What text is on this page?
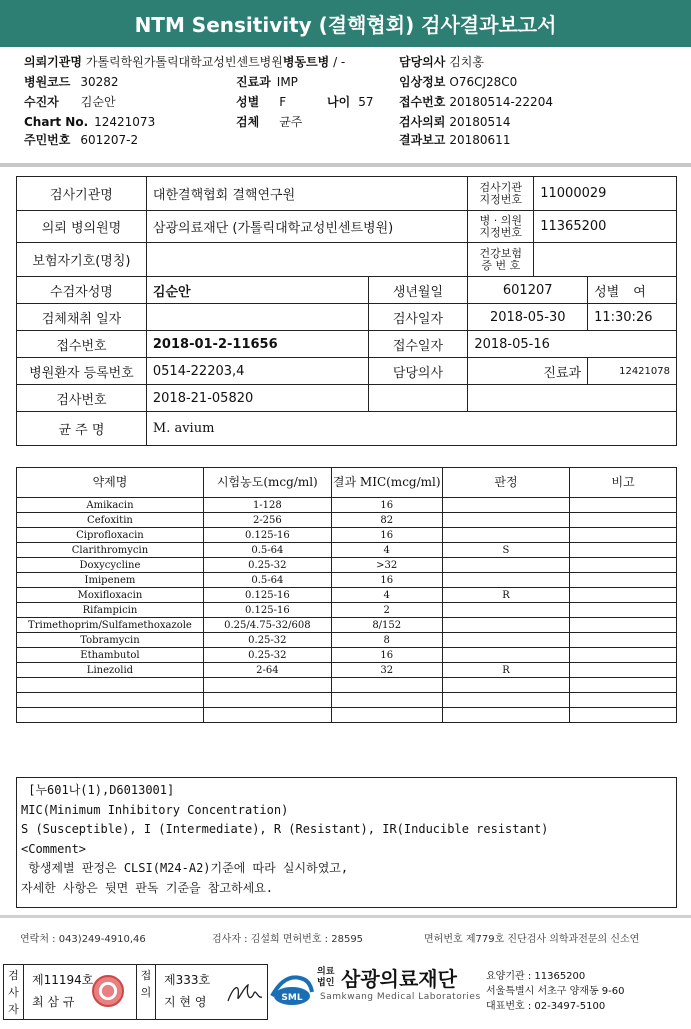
NTM Sensitivity (결핵협회) 검사결과보고서
의뢰기관명 가톨릭학원가톨릭대학교성빈센트병원병동트병 / -	담당의사 김치홍
병원코드 30282	진료과 IMP	임상정보 O76CJ28C0
수진자 김순안	성별 F	나이 57 접수번호 20180514-22204
Chart No. 12421073	검체 균주	검사의뢰 20180514
주민번호 601207-2	결과보고 20180611
검사기관명	대한결핵협회 결핵연구원		검사기관 지정번호	11000029	
의뢰 병의원명	삼광의료재단 (가톨릭대학교성빈센트병원)		병 · 의원 지정번호	11365200	
보험자기호(명칭)			건강보험 증 번 호		
수검자성명	김순안	생년월일	601207		성별 여
검체채취 일자		검사일자	2018-05-30		11:30:26
접수번호	2018-01-2-11656	접수일자	2018-05-16		
병원환자 등록번호	0514-22203,4	담당의사	진료과		12421078
검사번호	2018-21-05820				
균 주 명	M. avium				
약제명	시험농도(mcg/ml)	결과 MIC(mcg/ml)	판정	비고
Amikacin	1-128	16		
Cefoxitin	2-256	82		
Ciprofloxacin	0.125-16	16		
Clarithromycin	0.5-64	4	S	
Doxycycline	0.25-32	>32		
Imipenem	0.5-64	16		
Moxifloxacin	0.125-16	4	R	
Rifampicin	0.125-16	2		
Trimethoprim/Sulfamethoxazole	0.25/4.75-32/608	8/152		
Tobramycin	0.25-32	8		
Ethambutol	0.25-32	16		
Linezolid	2-64	32	R	

[누601나(1),D6013001]
MIC(Minimum Inhibitory Concentration)
S (Susceptible), I (Intermediate), R (Resistant), IR(Inducible resistant)
<Comment>
항생제별 판정은 CLSI(M24-A2)기준에 따라 실시하였고,
자세한 사항은 뒷면 판독 기준을 참고하세요.
연락처 : 043)249-4910,46	검사자 : 김설희 면허번호 : 28595	면허번호 제779호 진단검사 의학과전문의 신소연
검사자
제11194호
최 삼 규
접의
제333호
지 현 영	SML
의료 법인 삼광의료재단
Samkwang Medical Laboratories
요양기관 : 11365200
서울특별시 서초구 양재동 9-60
대표번호 : 02-3497-5100
